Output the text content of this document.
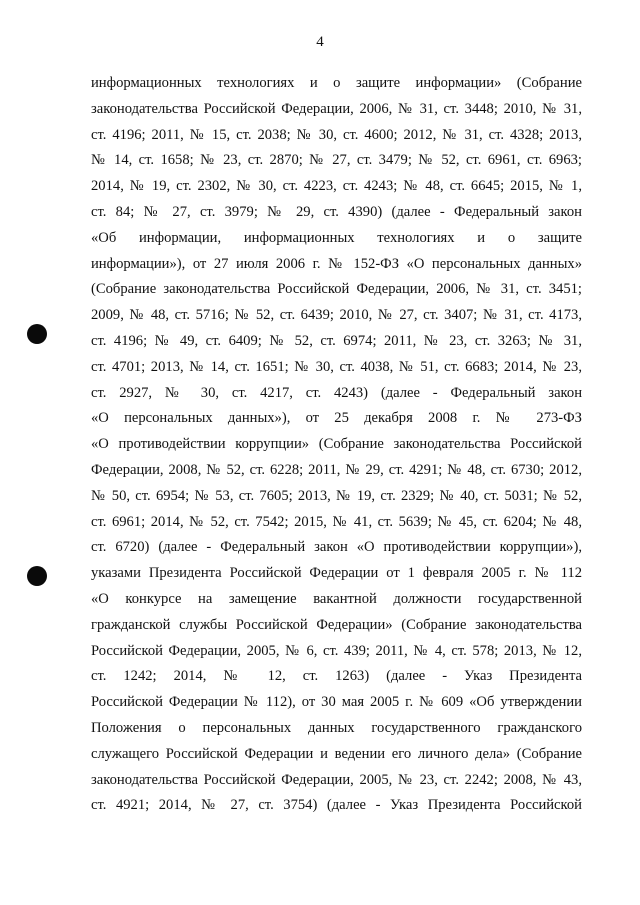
4
информационных технологиях и о защите информации» (Собрание
законодательства Российской Федерации, 2006, № 31, ст. 3448; 2010, № 31,
ст. 4196; 2011, № 15, ст. 2038; № 30, ст. 4600; 2012, № 31, ст. 4328; 2013,
№ 14, ст. 1658; № 23, ст. 2870; № 27, ст. 3479; № 52, ст. 6961, ст. 6963;
2014, № 19, ст. 2302, № 30, ст. 4223, ст. 4243; № 48, ст. 6645; 2015, № 1,
ст. 84; № 27, ст. 3979; № 29, ст. 4390) (далее - Федеральный закон
«Об информации, информационных технологиях и о защите
информации»), от 27 июля 2006 г. № 152-ФЗ «О персональных данных»
(Собрание законодательства Российской Федерации, 2006, № 31, ст. 3451;
2009, № 48, ст. 5716; № 52, ст. 6439; 2010, № 27, ст. 3407; № 31, ст. 4173,
ст. 4196; № 49, ст. 6409; № 52, ст. 6974; 2011, № 23, ст. 3263; № 31,
ст. 4701; 2013, № 14, ст. 1651; № 30, ст. 4038, № 51, ст. 6683; 2014, № 23,
ст. 2927, № 30, ст. 4217, ст. 4243) (далее - Федеральный закон
«О персональных данных»), от 25 декабря 2008 г. № 273-ФЗ
«О противодействии коррупции» (Собрание законодательства Российской
Федерации, 2008, № 52, ст. 6228; 2011, № 29, ст. 4291; № 48, ст. 6730; 2012,
№ 50, ст. 6954; № 53, ст. 7605; 2013, № 19, ст. 2329; № 40, ст. 5031; № 52,
ст. 6961; 2014, № 52, ст. 7542; 2015, № 41, ст. 5639; № 45, ст. 6204; № 48,
ст. 6720) (далее - Федеральный закон «О противодействии коррупции»),
указами Президента Российской Федерации от 1 февраля 2005 г. № 112
«О конкурсе на замещение вакантной должности государственной
гражданской службы Российской Федерации» (Собрание законодательства
Российской Федерации, 2005, № 6, ст. 439; 2011, № 4, ст. 578; 2013, № 12,
ст. 1242; 2014, № 12, ст. 1263) (далее - Указ Президента
Российской Федерации № 112), от 30 мая 2005 г. № 609 «Об утверждении
Положения о персональных данных государственного гражданского
служащего Российской Федерации и ведении его личного дела» (Собрание
законодательства Российской Федерации, 2005, № 23, ст. 2242; 2008, № 43,
ст. 4921; 2014, № 27, ст. 3754) (далее - Указ Президента Российской
